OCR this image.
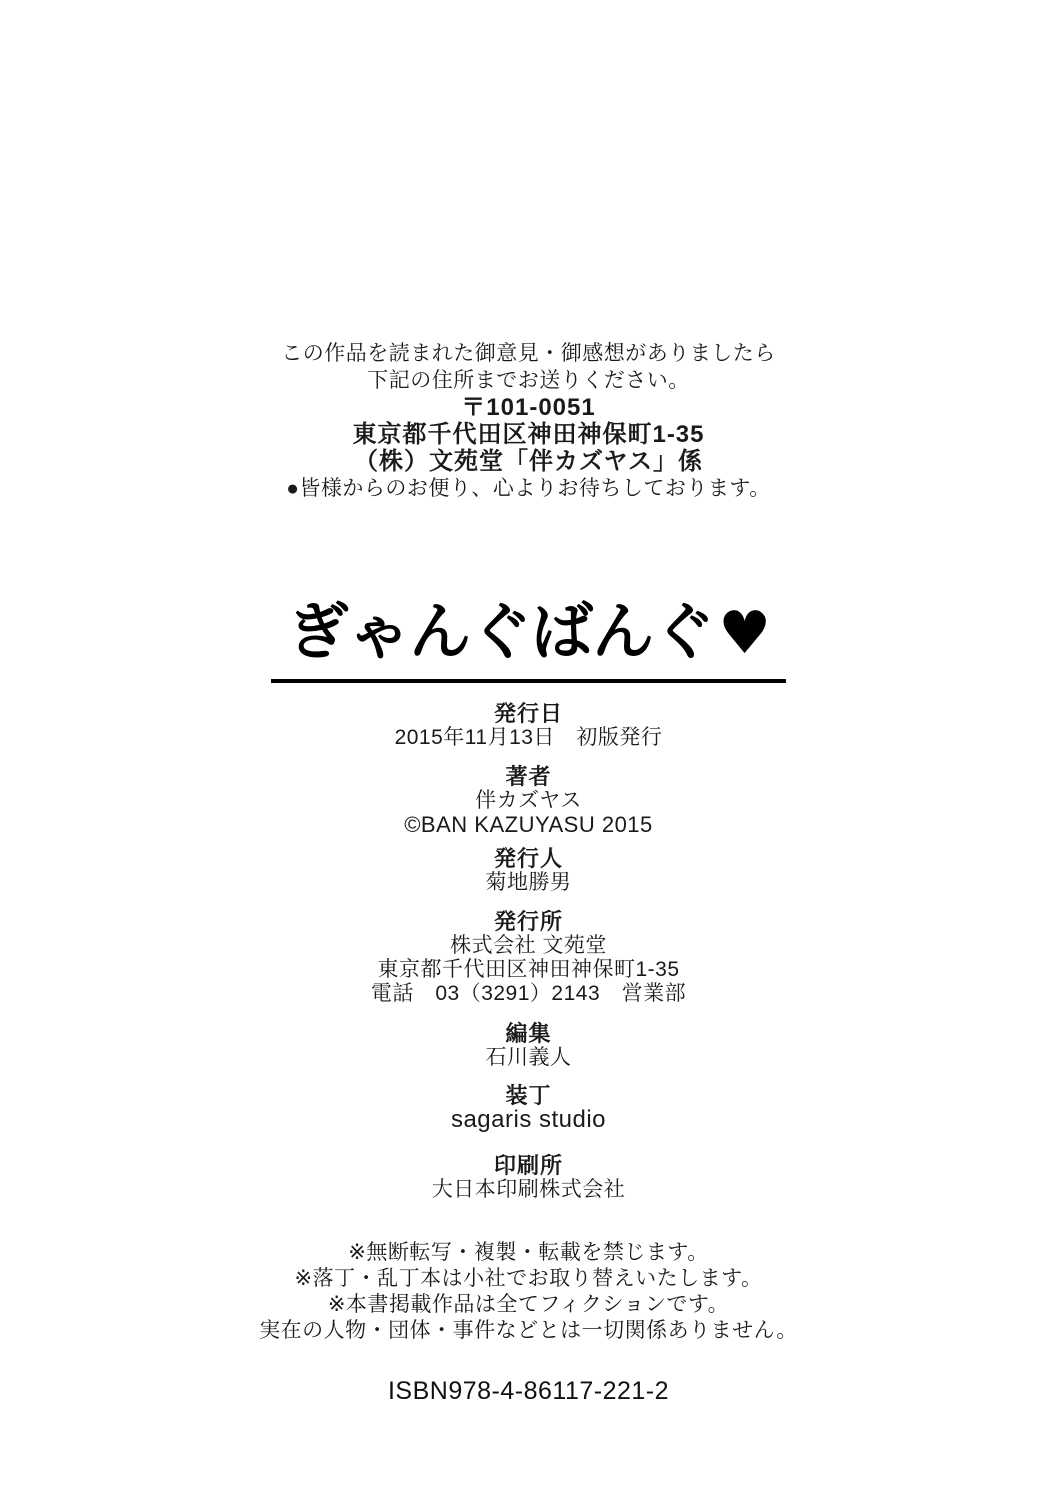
この作品を読まれた御意見・御感想がありましたら

下記の住所までお送りください。

〒101-0051

東京都千代田区神田神保町1-35

（株）文苑堂「伴カズヤス」係

●皆様からのお便り、心よりお待ちしております。

ぎゃんぐばんぐ♥
発行日

2015年11月13日　初版発行

著者

伴カズヤス

©BAN KAZUYASU 2015

発行人

菊地勝男

発行所

株式会社 文苑堂

東京都千代田区神田神保町1-35

電話　03（3291）2143　営業部

編集

石川義人

装丁

sagaris studio

印刷所

大日本印刷株式会社

※無断転写・複製・転載を禁じます。

※落丁・乱丁本は小社でお取り替えいたします。

※本書掲載作品は全てフィクションです。

実在の人物・団体・事件などとは一切関係ありません。

ISBN978-4-86117-221-2
